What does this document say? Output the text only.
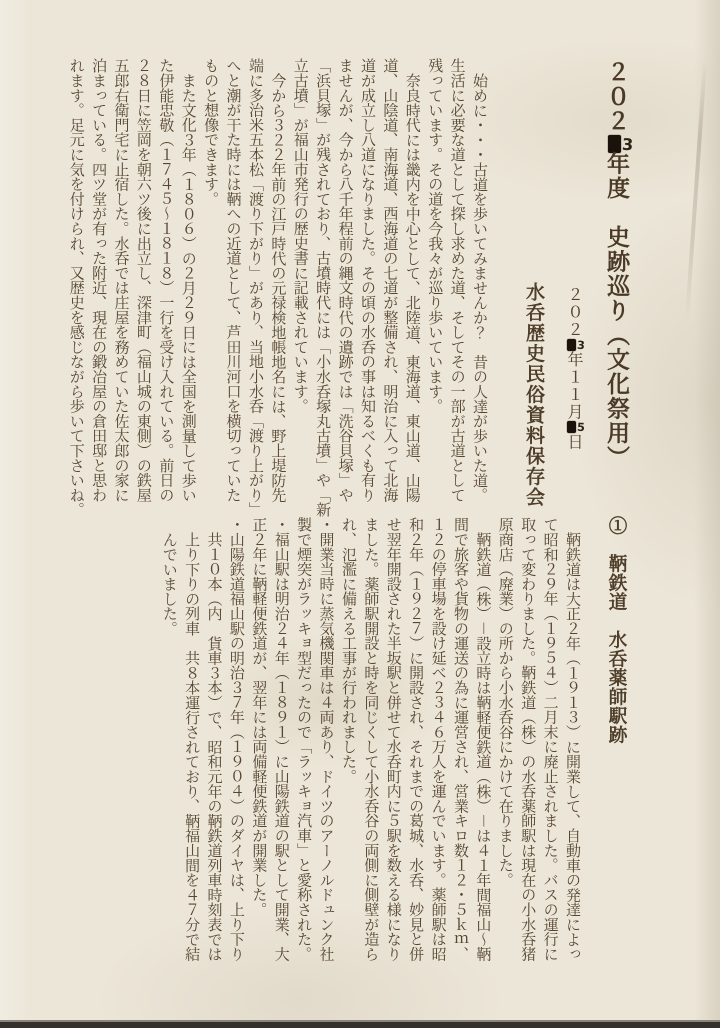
２０２3年度　史跡巡り（文化祭用）
２０２3年１１月5日
水呑歴史民俗資料保存会
始めに・・・古道を歩いてみませんか？　昔の人達が歩いた道。
生活に必要な道として探し求めた道、そしてその一部が古道として
残っています。その道を今我々が巡り歩いています。
奈良時代には畿内を中心として、北陸道、東海道、東山道、山陽
道、山陰道、南海道、西海道の七道が整備され、明治に入って北海
道が成立し八道になりました。その頃の水呑の事は知るべくも有り
ませんが、今から八千年程前の縄文時代の遺跡では「洗谷貝塚」や
「浜貝塚」が残されており、古墳時代には「小水呑塚丸古墳」や「新
立古墳」が福山市発行の歴史書に記載されています。
今から３２２年前の江戸時代の元禄検地帳地名には、野上堤防先
端に多治米五本松「渡り下がり」があり、当地小水呑「渡り上がり」
へと潮が干た時には鞆への近道として、芦田川河口を横切っていた
ものと想像できます。
また文化３年（１８０６）の２月２９日には全国を測量して歩い
た伊能忠敬（１７４５〜１８１８）一行を受け入れている。前日の
２８日に笠岡を朝六ツ後に出立し、深津町（福山城の東側）の鉄屋
五郎右衛門宅に止宿した。水呑では庄屋を務めていた佐太郎の家に
泊まっている。四ツ堂が有った附近、現在の鍛冶屋の倉田邸と思わ
れます。足元に気を付けられ、又歴史を感じながら歩いて下さいね。
①　鞆鉄道　水呑薬師駅跡
鞆鉄道は大正２年（１９１３）に開業して、自動車の発達によっ
て昭和２９年（１９５４）二月末に廃止されました。バスの運行に
取って変わりました。鞆鉄道（株）の水呑薬師駅は現在の小水呑猪
原商店（廃業）の所から小水呑谷にかけて在りました。
鞆鉄道（株）－設立時は鞆軽便鉄道（株）－は４１年間福山〜鞆
間で旅客や貨物の運送の為に運営され、営業キロ数１２・５ｋｍ、
１２の停車場を設け延べ２３４６万人を運んでいます。薬師駅は昭
和２年（１９２７）に開設され、それまでの葛城、水呑、妙見と併
せ翌年開設された半坂駅と併せて水呑町内に５駅を数える様になり
ました。薬師駅開設と時を同じくして小水呑谷の両側に側壁が造ら
れ、氾濫に備える工事が行われました。
・開業当時に蒸気機関車は４両あり、ドイツのアーノルドュンク社
製で煙突がラッキョ型だったので「ラッキョ汽車」と愛称された。
・福山駅は明治２４年（１８９１）に山陽鉄道の駅として開業、大
正２年に鞆軽便鉄道が、翌年には両備軽便鉄道が開業した。
・山陽鉄道福山駅の明治３７年（１９０４）のダイヤは、上り下り
共１０本（内　貨車３本）で、昭和元年の鞆鉄道列車時刻表では
上り下りの列車　共８本運行されており、鞆福山間を４７分で結
んでいました。
